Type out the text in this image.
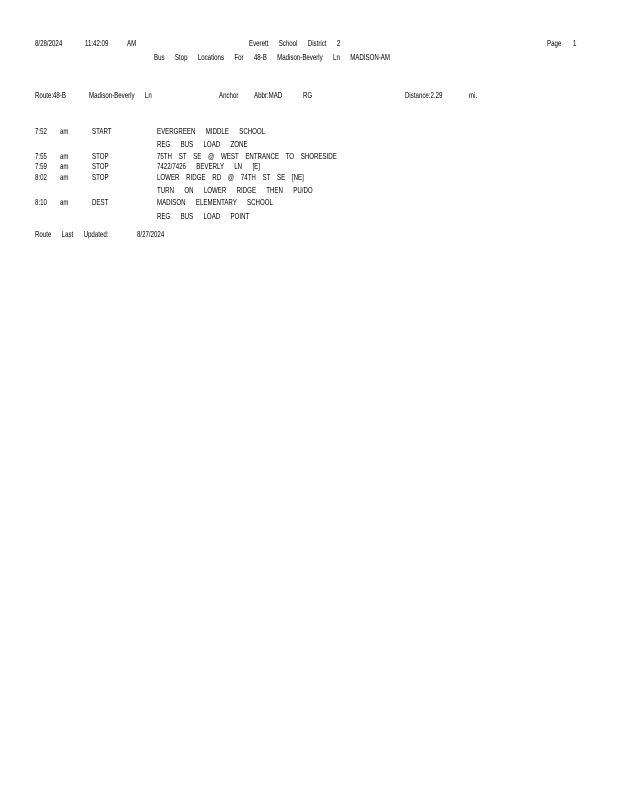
8/28/2024	11:42:09 AM	Everett School District 2	Page 1
Bus Stop Locations For 48-B Madison-Beverly Ln MADISON-AM
Route:48-B	Madison-Beverly Ln	Anchor Abbr:MAD RG	Distance:2.29	mi.
7:52 am	START	EVERGREEN MIDDLE SCHOOL
REG BUS LOAD ZONE
7:55 am	STOP	75TH ST SE @ WEST ENTRANCE TO SHORESIDE
7:59 am	STOP	7422/7426 BEVERLY LN [E]
8:02 am	STOP	LOWER RIDGE RD @ 74TH ST SE [NE]
TURN ON LOWER RIDGE THEN PU/DO
8:10 am	DEST	MADISON ELEMENTARY SCHOOL
REG BUS LOAD POINT
Route Last Updated:	8/27/2024
